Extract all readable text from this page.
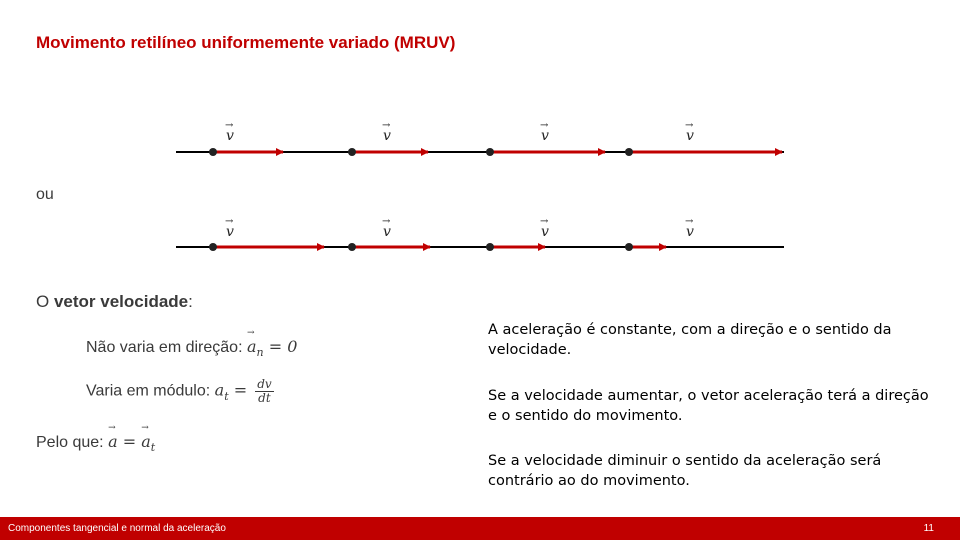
Movimento retilíneo uniformemente variado (MRUV)
v	v	v	v
→	→	→	→
v	v	v	v
→	→	→	→
ou
O vetor velocidade:
Não varia em direção: → $a_n = 0$
Varia em módulo: $a_t = \frac{dv}{dt}$
Pelo que: → a = → $a_t$
A aceleração é constante, com a direção e o sentido da velocidade.
Se a velocidade aumentar, o vetor aceleração terá a direção e o sentido do movimento.
Se a velocidade diminuir o sentido da aceleração será contrário ao do movimento.
Componentes tangencial e normal da aceleração	11
